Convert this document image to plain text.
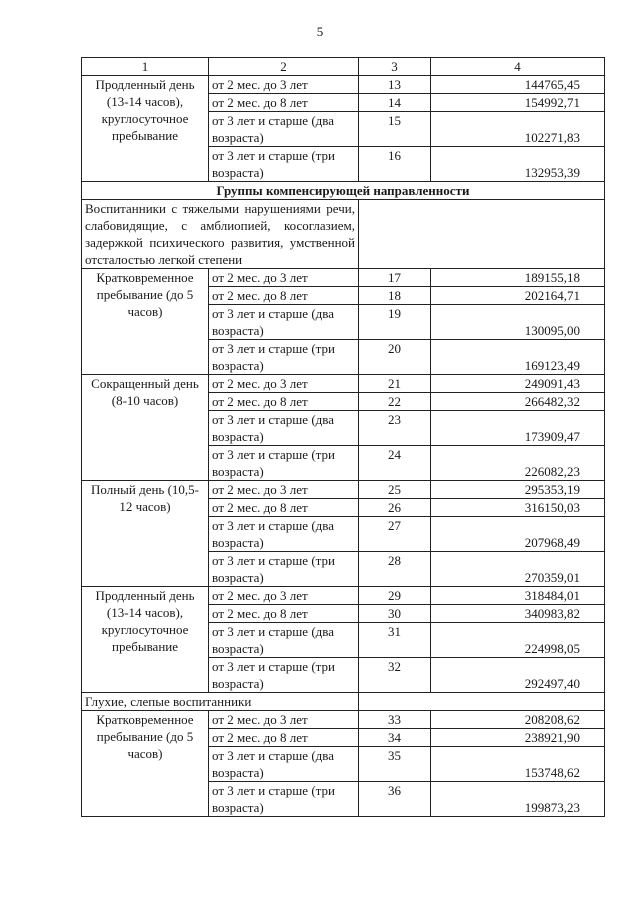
5
1	2	3	4
Продленный день (13-14 часов), круглосуточное пребывание	от 2 мес. до 3 лет	13	144765,45
	от 2 мес. до 8 лет	14	154992,71
	от 3 лет и старше (два возраста)	15	102271,83
	от 3 лет и старше (три возраста)	16	132953,39
Группы компенсирующей направленности			
Воспитанники с тяжелыми нарушениями речи, слабовидящие, с амблиопией, косоглазием, задержкой психического развития, умственной отсталостью легкой степени			
Кратковременное пребывание (до 5 часов)	от 2 мес. до 3 лет	17	189155,18
	от 2 мес. до 8 лет	18	202164,71
	от 3 лет и старше (два возраста)	19	130095,00
	от 3 лет и старше (три возраста)	20	169123,49
Сокращенный день (8-10 часов)	от 2 мес. до 3 лет	21	249091,43
	от 2 мес. до 8 лет	22	266482,32
	от 3 лет и старше (два возраста)	23	173909,47
	от 3 лет и старше (три возраста)	24	226082,23
Полный день (10,5-12 часов)	от 2 мес. до 3 лет	25	295353,19
	от 2 мес. до 8 лет	26	316150,03
	от 3 лет и старше (два возраста)	27	207968,49
	от 3 лет и старше (три возраста)	28	270359,01
Продленный день (13-14 часов), круглосуточное пребывание	от 2 мес. до 3 лет	29	318484,01
	от 2 мес. до 8 лет	30	340983,82
	от 3 лет и старше (два возраста)	31	224998,05
	от 3 лет и старше (три возраста)	32	292497,40
Глухие, слепые воспитанники			
Кратковременное пребывание (до 5 часов)	от 2 мес. до 3 лет	33	208208,62
	от 2 мес. до 8 лет	34	238921,90
	от 3 лет и старше (два возраста)	35	153748,62
	от 3 лет и старше (три возраста)	36	199873,23
